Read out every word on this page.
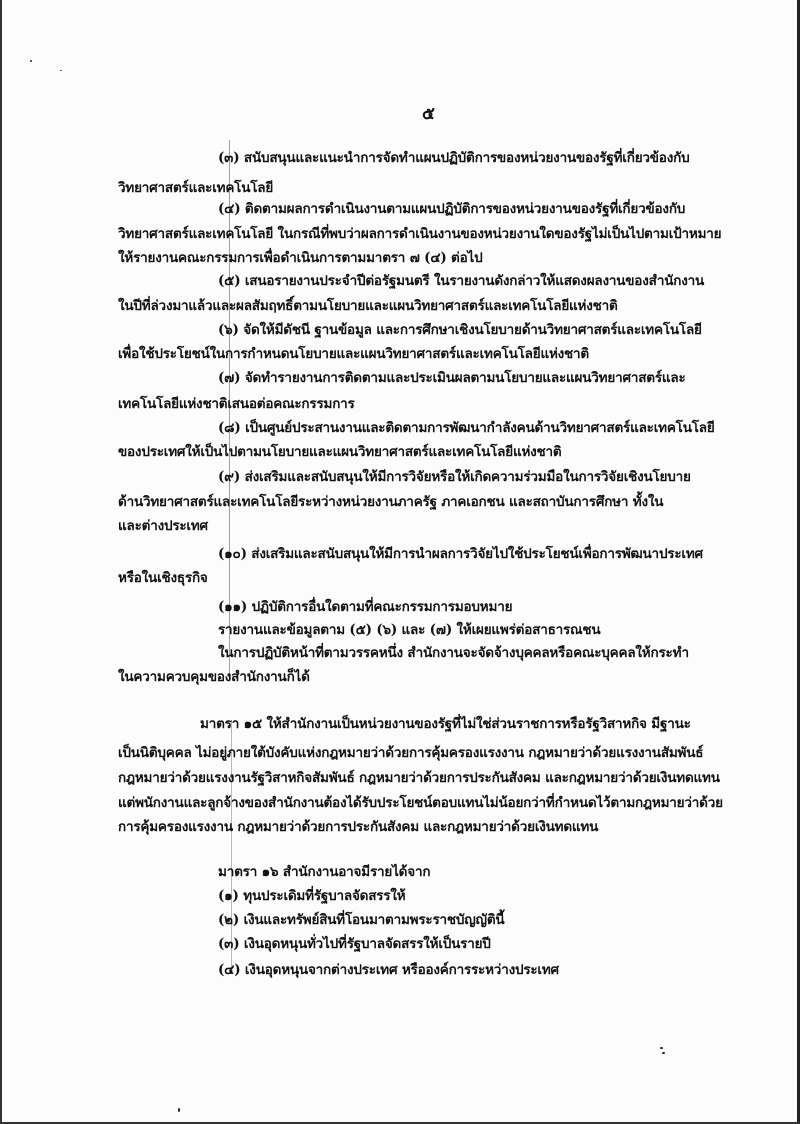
๕
(๓) สนับสนุนและแนะนำการจัดทำแผนปฏิบัติการของหน่วยงานของรัฐที่เกี่ยวข้องกับ
วิทยาศาสตร์และเทคโนโลยี
(๔) ติดตามผลการดำเนินงานตามแผนปฏิบัติการของหน่วยงานของรัฐที่เกี่ยวข้องกับ
วิทยาศาสตร์และเทคโนโลยี ในกรณีที่พบว่าผลการดำเนินงานของหน่วยงานใดของรัฐไม่เป็นไปตามเป้าหมาย
ให้รายงานคณะกรรมการเพื่อดำเนินการตามมาตรา ๗ (๔) ต่อไป
(๕) เสนอรายงานประจำปีต่อรัฐมนตรี ในรายงานดังกล่าวให้แสดงผลงานของสำนักงาน
ในปีที่ล่วงมาแล้วและผลสัมฤทธิ์ตามนโยบายและแผนวิทยาศาสตร์และเทคโนโลยีแห่งชาติ
(๖) จัดให้มีดัชนี ฐานข้อมูล และการศึกษาเชิงนโยบายด้านวิทยาศาสตร์และเทคโนโลยี
เพื่อใช้ประโยชน์ในการกำหนดนโยบายและแผนวิทยาศาสตร์และเทคโนโลยีแห่งชาติ
(๗) จัดทำรายงานการติดตามและประเมินผลตามนโยบายและแผนวิทยาศาสตร์และ
เทคโนโลยีแห่งชาติเสนอต่อคณะกรรมการ
(๘) เป็นศูนย์ประสานงานและติดตามการพัฒนากำลังคนด้านวิทยาศาสตร์และเทคโนโลยี
ของประเทศให้เป็นไปตามนโยบายและแผนวิทยาศาสตร์และเทคโนโลยีแห่งชาติ
(๙) ส่งเสริมและสนับสนุนให้มีการวิจัยหรือให้เกิดความร่วมมือในการวิจัยเชิงนโยบาย
ด้านวิทยาศาสตร์และเทคโนโลยีระหว่างหน่วยงานภาครัฐ ภาคเอกชน และสถาบันการศึกษา ทั้งใน
และต่างประเทศ
(๑๐) ส่งเสริมและสนับสนุนให้มีการนำผลการวิจัยไปใช้ประโยชน์เพื่อการพัฒนาประเทศ
หรือในเชิงธุรกิจ
(๑๑) ปฏิบัติการอื่นใดตามที่คณะกรรมการมอบหมาย
รายงานและข้อมูลตาม (๕) (๖) และ (๗) ให้เผยแพร่ต่อสาธารณชน
ในการปฏิบัติหน้าที่ตามวรรคหนึ่ง สำนักงานจะจัดจ้างบุคคลหรือคณะบุคคลให้กระทำ
ในความควบคุมของสำนักงานก็ได้
มาตรา ๑๕ ให้สำนักงานเป็นหน่วยงานของรัฐที่ไม่ใช่ส่วนราชการหรือรัฐวิสาหกิจ มีฐานะ
เป็นนิติบุคคล ไม่อยู่ภายใต้บังคับแห่งกฎหมายว่าด้วยการคุ้มครองแรงงาน กฎหมายว่าด้วยแรงงานสัมพันธ์
กฎหมายว่าด้วยแรงงานรัฐวิสาหกิจสัมพันธ์ กฎหมายว่าด้วยการประกันสังคม และกฎหมายว่าด้วยเงินทดแทน
แต่พนักงานและลูกจ้างของสำนักงานต้องได้รับประโยชน์ตอบแทนไม่น้อยกว่าที่กำหนดไว้ตามกฎหมายว่าด้วย
การคุ้มครองแรงงาน กฎหมายว่าด้วยการประกันสังคม และกฎหมายว่าด้วยเงินทดแทน
มาตรา ๑๖ สำนักงานอาจมีรายได้จาก
(๑) ทุนประเดิมที่รัฐบาลจัดสรรให้
(๒) เงินและทรัพย์สินที่โอนมาตามพระราชบัญญัตินี้
(๓) เงินอุดหนุนทั่วไปที่รัฐบาลจัดสรรให้เป็นรายปี
(๔) เงินอุดหนุนจากต่างประเทศ หรือองค์การระหว่างประเทศ
